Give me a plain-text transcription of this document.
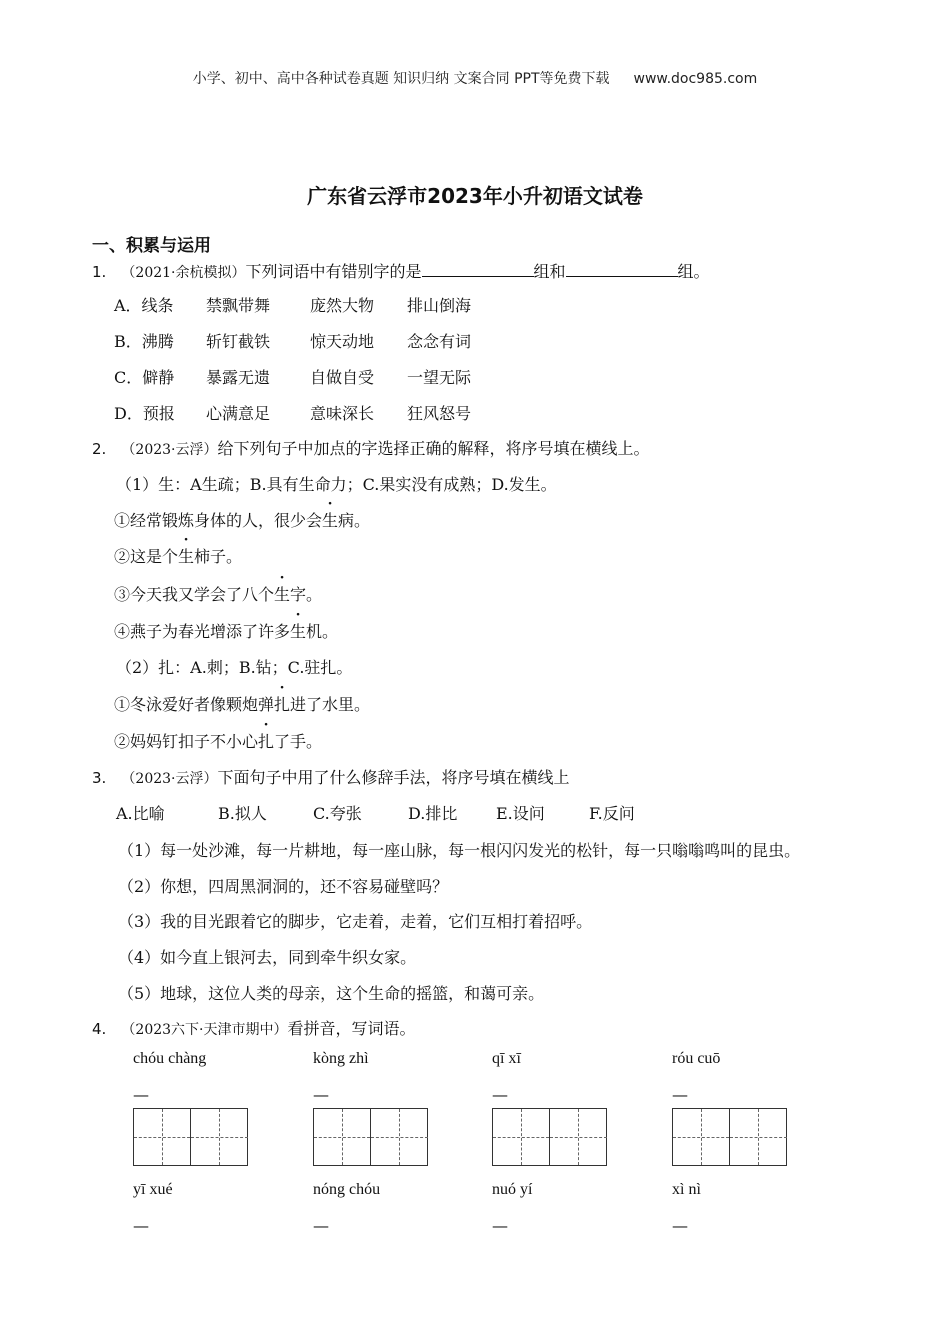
小学、初中、高中各种试卷真题 知识归纳 文案合同 PPT等免费下载 www.doc985.com
广东省云浮市2023年小升初语文试卷
一、积累与运用
1. （2021·余杭模拟）下列词语中有错别字的是	组和	组。
A．线条 禁飘带舞 庞然大物 排山倒海
B．沸腾 斩钉截铁 惊天动地 念念有词
C．僻静 暴露无遗 自做自受 一望无际
D．预报 心满意足 意味深长 狂风怒号
2. （2023·云浮）给下列句子中加点的字选择正确的解释，将序号填在横线上。
（1）生：A生疏；B.具有生命力；C.果实没有成熟；D.发生。
①经常锻炼身体的人，很少会生病。
②这是个生柿子。
③今天我又学会了八个生字。
④燕子为春光增添了许多生机。
（2）扎：A.刺；B.钻；C.驻扎。
①冬泳爱好者像颗炮弹扎进了水里。
②妈妈钉扣子不小心扎了手。
3. （2023·云浮）下面句子中用了什么修辞手法，将序号填在横线上
A.比喻	B.拟人	C.夸张	D.排比 E.设问	F.反问
（1）每一处沙滩，每一片耕地，每一座山脉，每一根闪闪发光的松针，每一只嗡嗡鸣叫的昆虫。
（2）你想，四周黑洞洞的，还不容易碰壁吗？
（3）我的目光跟着它的脚步，它走着，走着，它们互相打着招呼。
（4）如今直上银河去，同到牵牛织女家。
（5）地球，这位人类的母亲，这个生命的摇篮，和蔼可亲。
4. （2023六下·天津市期中）看拼音，写词语。
chóu chàng	kòng zhì	qī xī	róu cuō
—	—	—	—
yī xué	nóng chóu	nuó yí	xì nì
—	—	—	—
